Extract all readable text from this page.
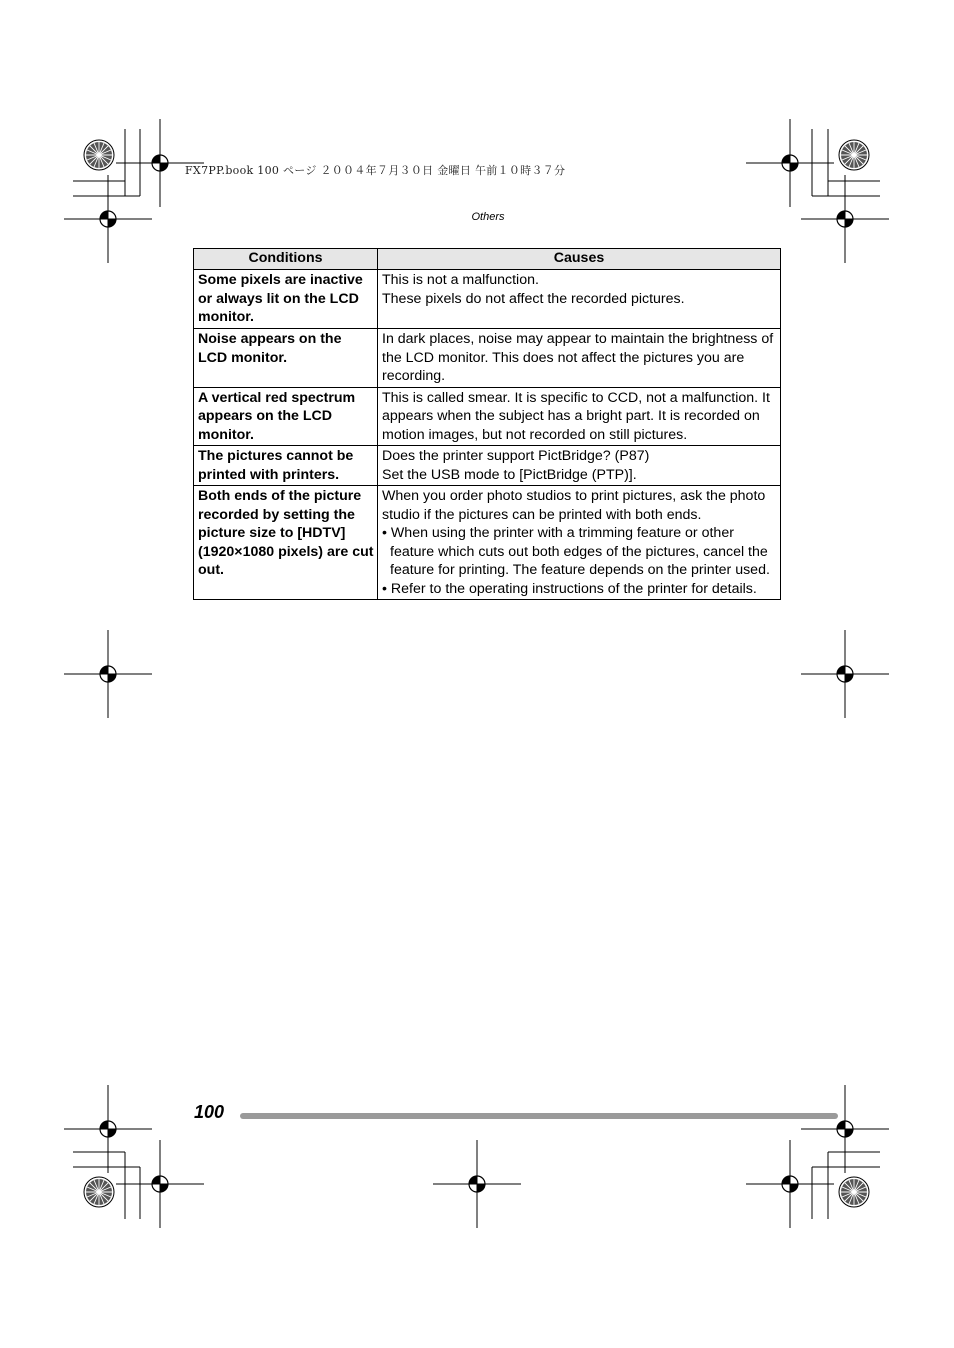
FX7PP.book 100 ページ ２００４年７月３０日 金曜日 午前１０時３７分
Others
Conditions	Causes
Some pixels are inactive or always lit on the LCD monitor.	This is not a malfunction.
These pixels do not affect the recorded pictures.

Noise appears on the LCD monitor.	In dark places, noise may appear to maintain the brightness of the LCD monitor. This does not affect the pictures you are recording.

A vertical red spectrum appears on the LCD monitor.	This is called smear. It is specific to CCD, not a malfunction. It appears when the subject has a bright part. It is recorded on motion images, but not recorded on still pictures.

The pictures cannot be printed with printers.	Does the printer support PictBridge? (P87)
Set the USB mode to [PictBridge (PTP)].

Both ends of the picture recorded by setting the picture size to [HDTV] (1920×1080 pixels) are cut out.	When you order photo studios to print pictures, ask the photo studio if the pictures can be printed with both ends.
• When using the printer with a trimming feature or other feature which cuts out both edges of the pictures, cancel the feature for printing. The feature depends on the printer used.
• Refer to the operating instructions of the printer for details.
100
